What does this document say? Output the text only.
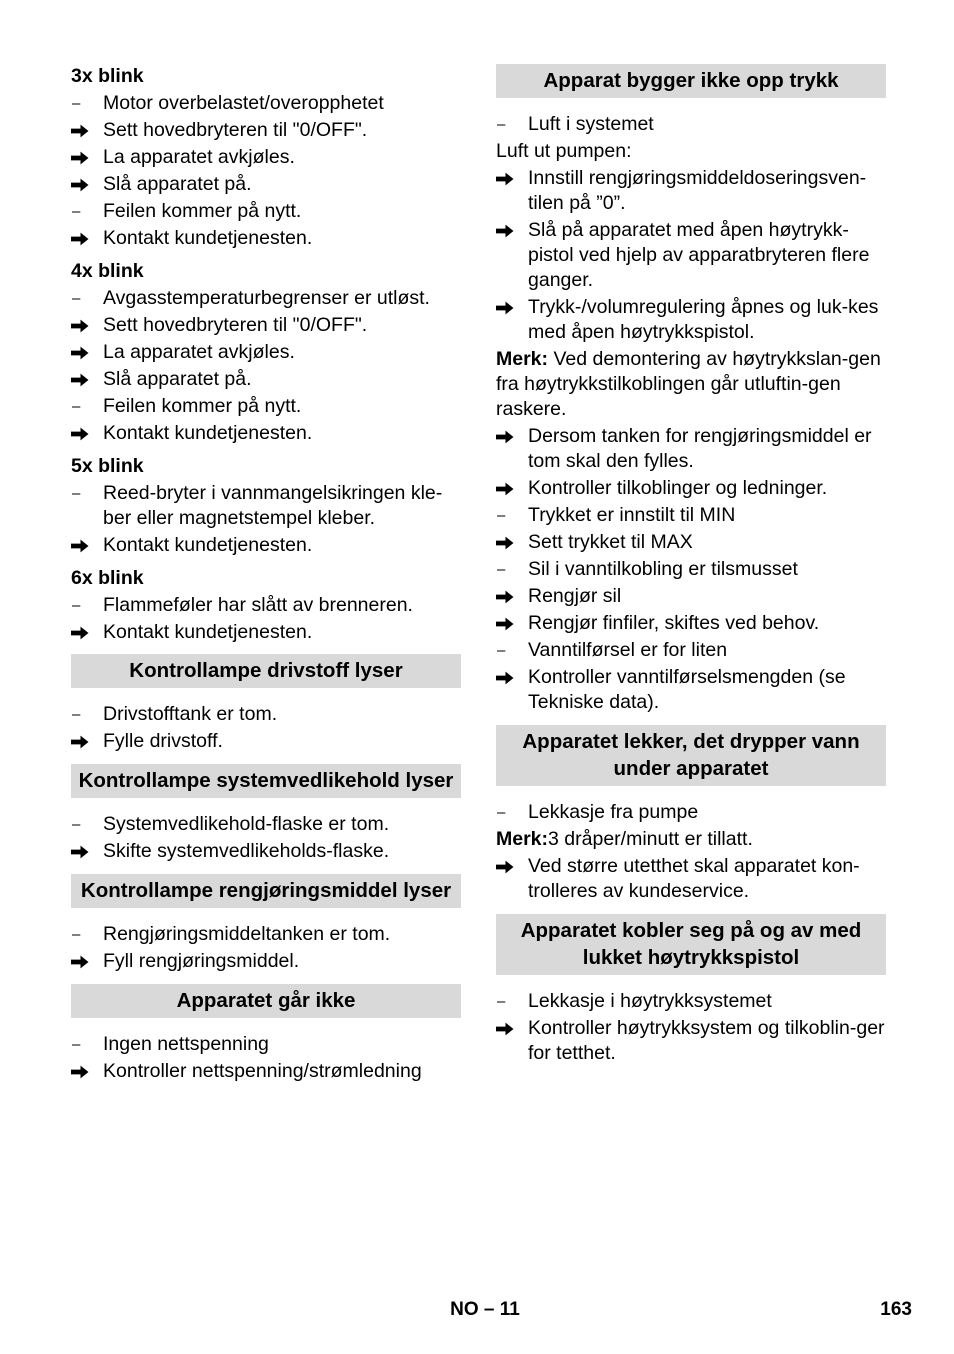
3x blink
–	Motor overbelastet/overopphetet
Sett hovedbryteren til "0/OFF".
La apparatet avkjøles.
Slå apparatet på.
–	Feilen kommer på nytt.
Kontakt kundetjenesten.
4x blink
–	Avgasstemperaturbegrenser er utløst.
Sett hovedbryteren til "0/OFF".
La apparatet avkjøles.
Slå apparatet på.
–	Feilen kommer på nytt.
Kontakt kundetjenesten.
5x blink
–	Reed-bryter i vannmangelsikringen kle-ber eller magnetstempel kleber.
Kontakt kundetjenesten.
6x blink
–	Flammeføler har slått av brenneren.
Kontakt kundetjenesten.
Kontrollampe drivstoff lyser
–	Drivstofftank er tom.
Fylle drivstoff.
Kontrollampe systemvedlikehold lyser
–	Systemvedlikehold-flaske er tom.
Skifte systemvedlikeholds-flaske.
Kontrollampe rengjøringsmiddel lyser
–	Rengjøringsmiddeltanken er tom.
Fyll rengjøringsmiddel.
Apparatet går ikke
–	Ingen nettspenning
Kontroller nettspenning/strømledning
Apparat bygger ikke opp trykk
–	Luft i systemet
Luft ut pumpen:
Innstill rengjøringsmiddeldoseringsven-tilen på ”0”.
Slå på apparatet med åpen høytrykk-pistol ved hjelp av apparatbryteren flere ganger.
Trykk-/volumregulering åpnes og luk-kes med åpen høytrykkspistol.
Merk: Ved demontering av høytrykkslan-gen fra høytrykkstilkoblingen går utluftin-gen raskere.
Dersom tanken for rengjøringsmiddel er tom skal den fylles.
Kontroller tilkoblinger og ledninger.
–	Trykket er innstilt til MIN
Sett trykket til MAX
–	Sil i vanntilkobling er tilsmusset
Rengjør sil
Rengjør finfiler, skiftes ved behov.
–	Vanntilførsel er for liten
Kontroller vanntilførselsmengden (se Tekniske data).
Apparatet lekker, det drypper vann under apparatet
–	Lekkasje fra pumpe
Merk:3 dråper/minutt er tillatt.
Ved større utetthet skal apparatet kon-trolleres av kundeservice.
Apparatet kobler seg på og av med lukket høytrykkspistol
–	Lekkasje i høytrykksystemet
Kontroller høytrykksystem og tilkoblin-ger for tetthet.
NO – 11	163
